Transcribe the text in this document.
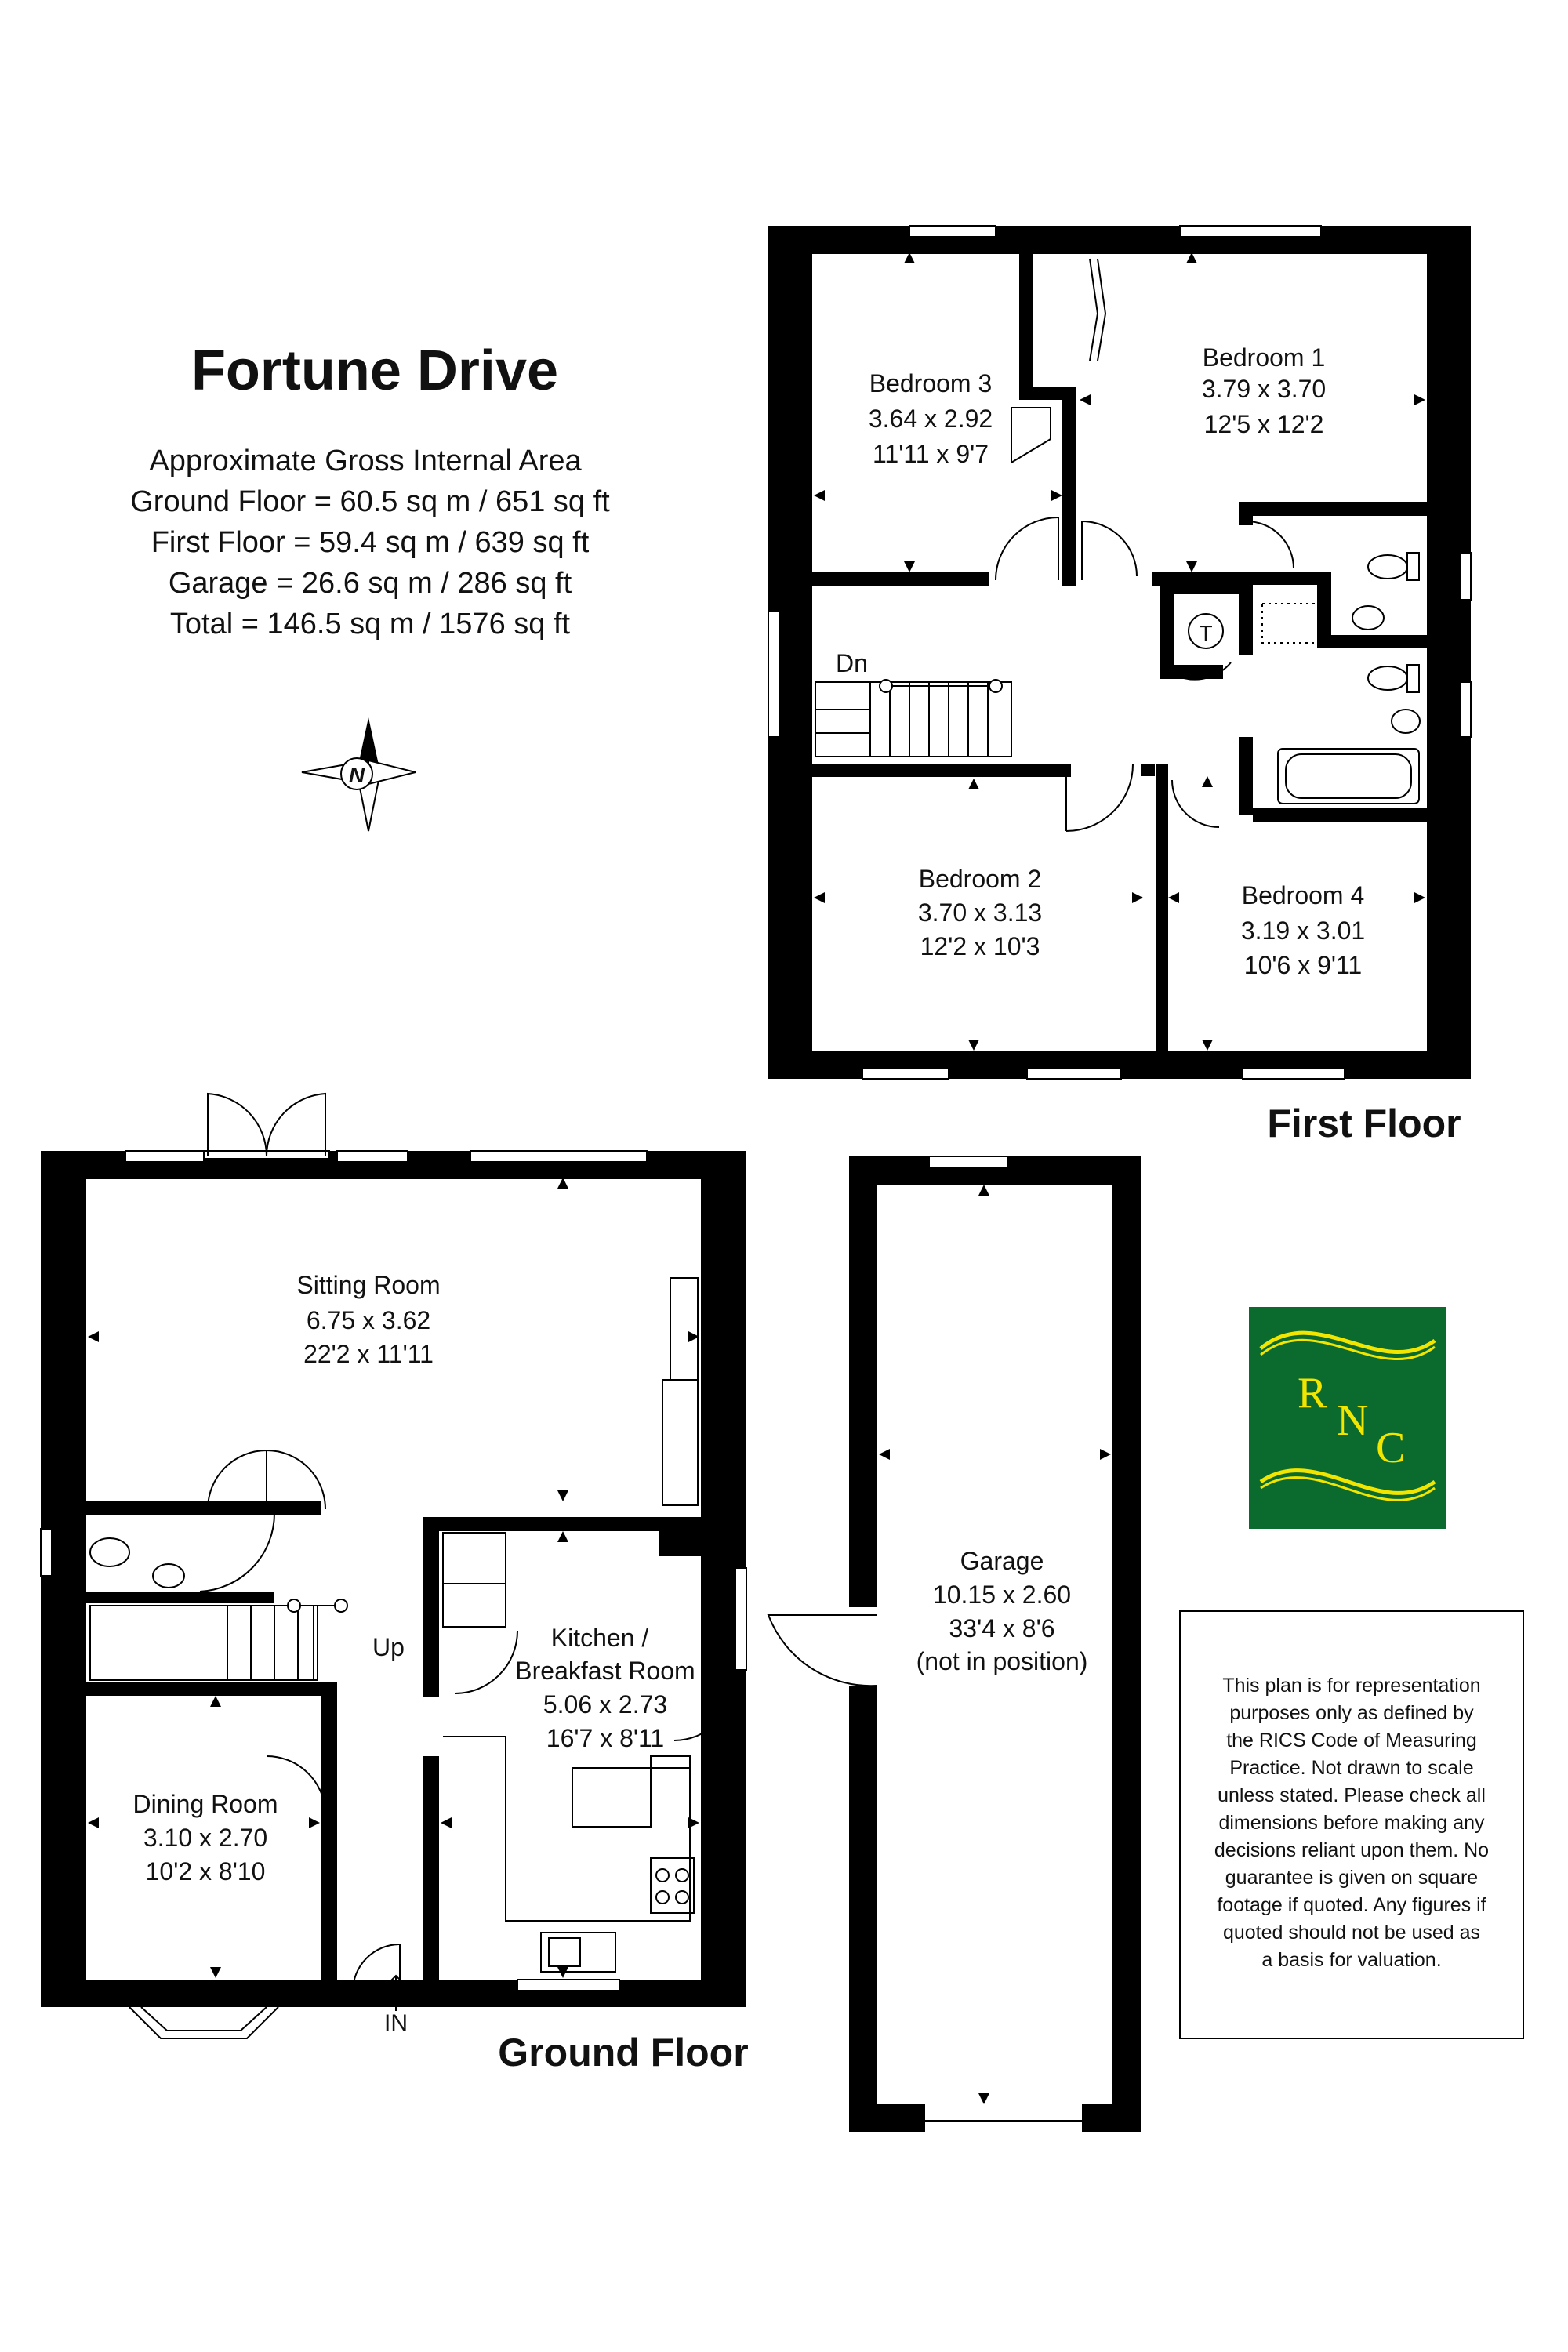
Fortune Drive
Approximate Gross Internal Area
Ground Floor = 60.5 sq m / 651 sq ft
First Floor = 59.4 sq m / 639 sq ft
Garage = 26.6 sq m / 286 sq ft
Total = 146.5 sq m / 1576 sq ft
N
Dn
T
Bedroom 3
3.64 x 2.92
11'11 x 9'7
Bedroom 1
3.79 x 3.70
12'5 x 12'2
Bedroom 2
3.70 x 3.13
12'2 x 10'3
Bedroom 4
3.19 x 3.01
10'6 x 9'11
First Floor
Up
IN
Sitting Room
6.75 x 3.62
22'2 x 11'11
Kitchen /
Breakfast Room
5.06 x 2.73
16'7 x 8'11
Dining Room
3.10 x 2.70
10'2 x 8'10
Ground Floor
Garage
10.15 x 2.60
33'4 x 8'6
(not in position)
R
N
C
This plan is for representation
purposes only as defined by
the RICS Code of Measuring
Practice. Not drawn to scale
unless stated. Please check all
dimensions before making any
decisions reliant upon them. No
guarantee is given on square
footage if quoted. Any figures if
quoted should not be used as
a basis for valuation.
